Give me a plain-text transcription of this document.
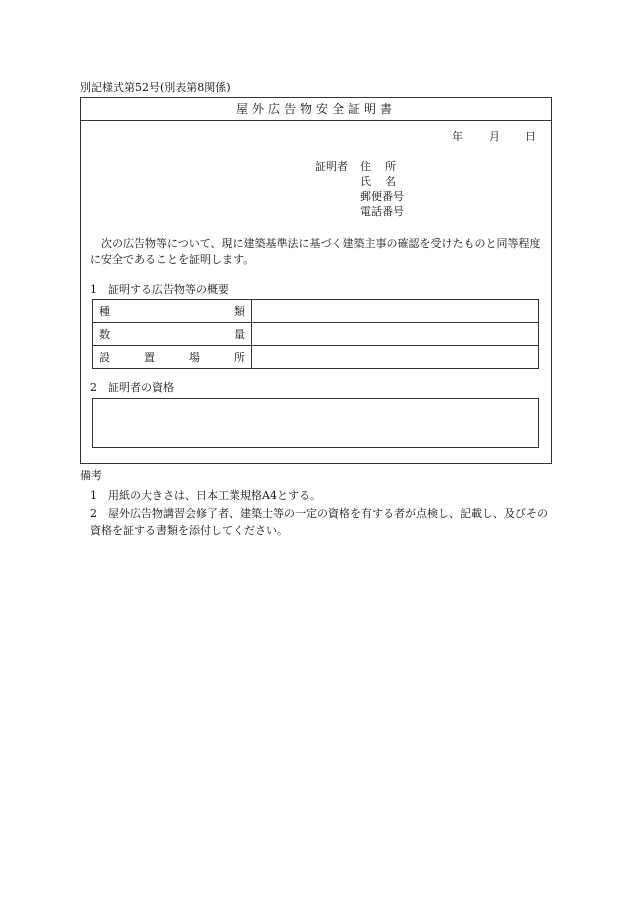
別記様式第52号(別表第8関係)
屋外広告物安全証明書
年 月 日
証明者 住所
氏名
郵便番号
電話番号
次の広告物等について、現に建築基準法に基づく建築主事の確認を受けたものと同等程度に安全であることを証明します。
1　証明する広告物等の概要
種 類	

数 量	

設 置 場 所	

2　証明者の資格
備考
1　用紙の大きさは、日本工業規格A4とする。
2 屋外広告物講習会修了者、建築士等の一定の資格を有する者が点検し、記載し、及びその資格を証する書類を添付してください。
